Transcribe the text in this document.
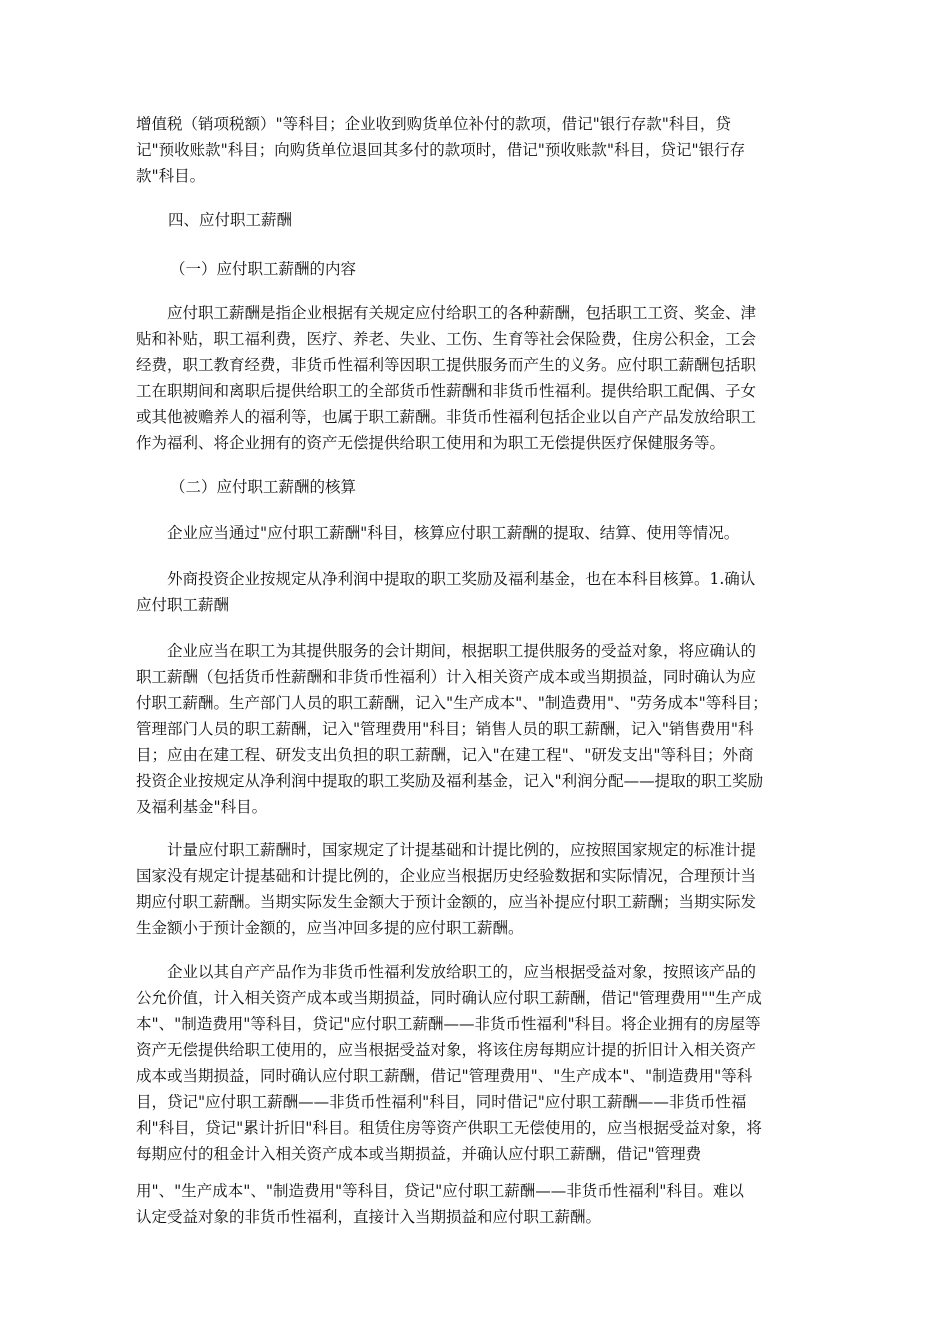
增值税（销项税额）"等科目；企业收到购货单位补付的款项，借记"银行存款"科目，贷
记"预收账款"科目；向购货单位退回其多付的款项时，借记"预收账款"科目，贷记"银行存
款"科目。
四、应付职工薪酬
（一）应付职工薪酬的内容
　　应付职工薪酬是指企业根据有关规定应付给职工的各种薪酬，包括职工工资、奖金、津
贴和补贴，职工福利费，医疗、养老、失业、工伤、生育等社会保险费，住房公积金，工会
经费，职工教育经费，非货币性福利等因职工提供服务而产生的义务。应付职工薪酬包括职
工在职期间和离职后提供给职工的全部货币性薪酬和非货币性福利。提供给职工配偶、子女
或其他被赡养人的福利等，也属于职工薪酬。非货币性福利包括企业以自产产品发放给职工
作为福利、将企业拥有的资产无偿提供给职工使用和为职工无偿提供医疗保健服务等。
（二）应付职工薪酬的核算
　　企业应当通过"应付职工薪酬"科目，核算应付职工薪酬的提取、结算、使用等情况。
　　外商投资企业按规定从净利润中提取的职工奖励及福利基金，也在本科目核算。1.确认
应付职工薪酬
　　企业应当在职工为其提供服务的会计期间，根据职工提供服务的受益对象，将应确认的
职工薪酬（包括货币性薪酬和非货币性福利）计入相关资产成本或当期损益，同时确认为应
付职工薪酬。生产部门人员的职工薪酬，记入"生产成本"、"制造费用"、"劳务成本"等科目；
管理部门人员的职工薪酬，记入"管理费用"科目；销售人员的职工薪酬，记入"销售费用"科
目；应由在建工程、研发支出负担的职工薪酬，记入"在建工程"、"研发支出"等科目；外商
投资企业按规定从净利润中提取的职工奖励及福利基金，记入"利润分配——提取的职工奖励
及福利基金"科目。
　　计量应付职工薪酬时，国家规定了计提基础和计提比例的，应按照国家规定的标准计提
国家没有规定计提基础和计提比例的，企业应当根据历史经验数据和实际情况，合理预计当
期应付职工薪酬。当期实际发生金额大于预计金额的，应当补提应付职工薪酬；当期实际发
生金额小于预计金额的，应当冲回多提的应付职工薪酬。
　　企业以其自产产品作为非货币性福利发放给职工的，应当根据受益对象，按照该产品的
公允价值，计入相关资产成本或当期损益，同时确认应付职工薪酬，借记"管理费用""生产成
本"、"制造费用"等科目，贷记"应付职工薪酬——非货币性福利"科目。将企业拥有的房屋等
资产无偿提供给职工使用的，应当根据受益对象，将该住房每期应计提的折旧计入相关资产
成本或当期损益，同时确认应付职工薪酬，借记"管理费用"、"生产成本"、"制造费用"等科
目，贷记"应付职工薪酬——非货币性福利"科目，同时借记"应付职工薪酬——非货币性福
利"科目，贷记"累计折旧"科目。租赁住房等资产供职工无偿使用的，应当根据受益对象，将
每期应付的租金计入相关资产成本或当期损益，并确认应付职工薪酬，借记"管理费
用"、"生产成本"、"制造费用"等科目，贷记"应付职工薪酬——非货币性福利"科目。难以
认定受益对象的非货币性福利，直接计入当期损益和应付职工薪酬。
